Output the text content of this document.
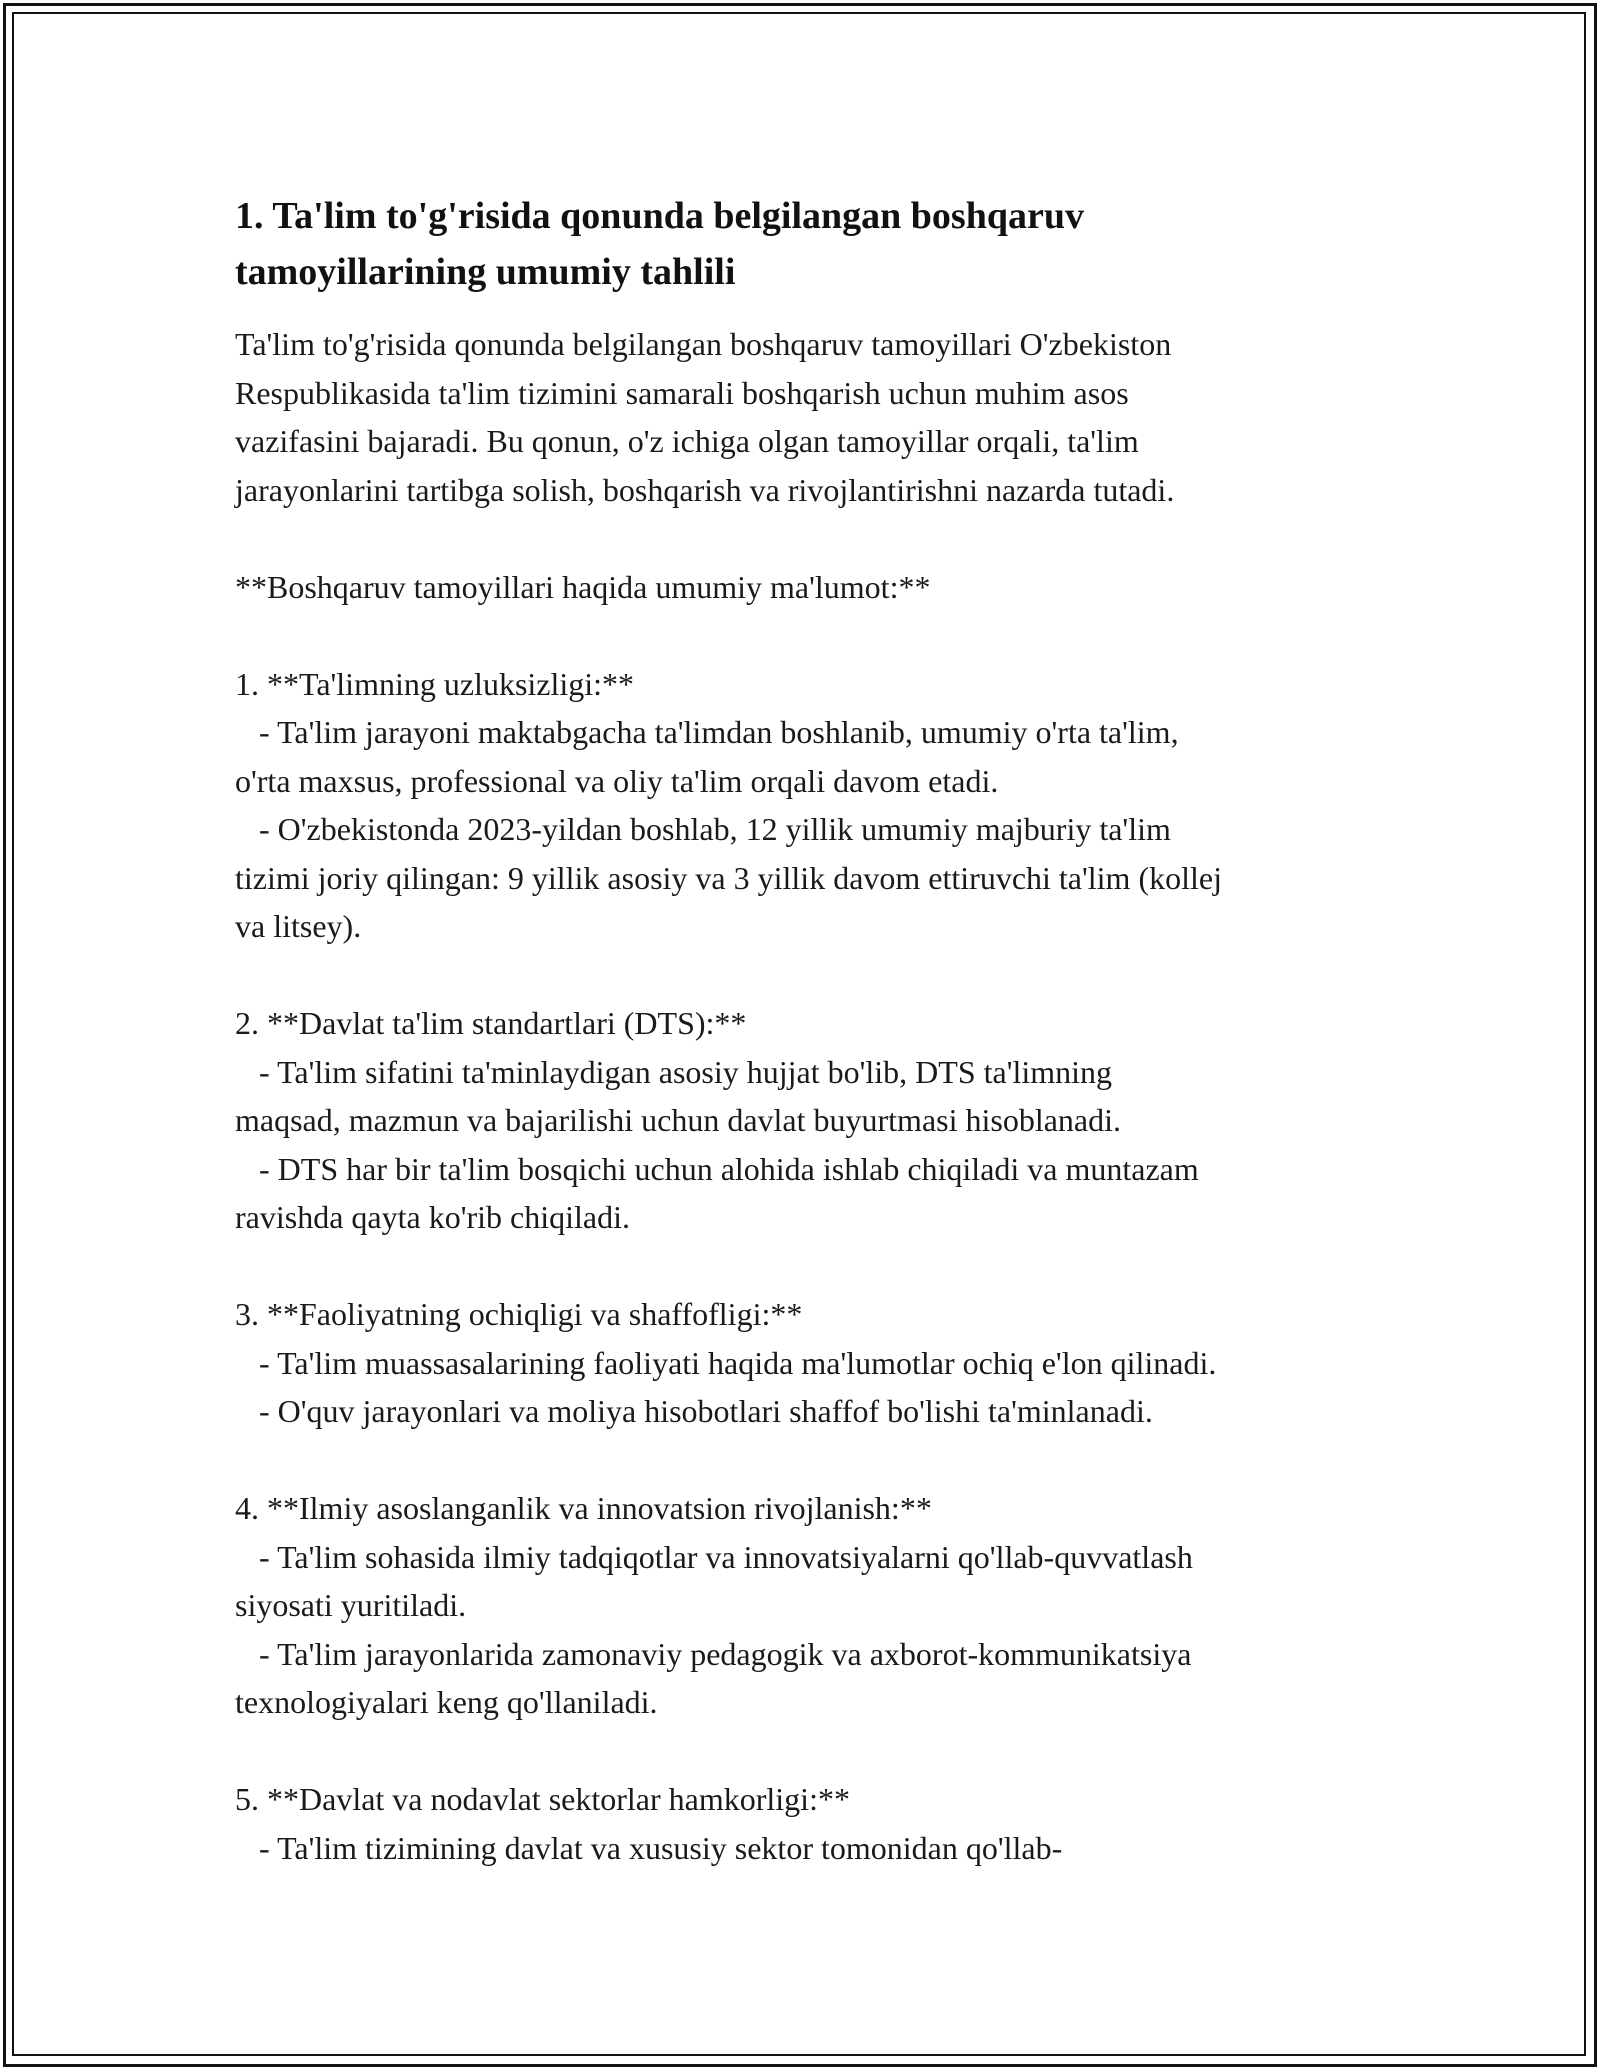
1. Ta'lim to'g'risida qonunda belgilangan boshqaruv
tamoyillarining umumiy tahlili

Ta'lim to'g'risida qonunda belgilangan boshqaruv tamoyillari O'zbekiston
Respublikasida ta'lim tizimini samarali boshqarish uchun muhim asos
vazifasini bajaradi. Bu qonun, o'z ichiga olgan tamoyillar orqali, ta'lim
jarayonlarini tartibga solish, boshqarish va rivojlantirishni nazarda tutadi.

**Boshqaruv tamoyillari haqida umumiy ma'lumot:**

1. **Ta'limning uzluksizligi:**

- Ta'lim jarayoni maktabgacha ta'limdan boshlanib, umumiy o'rta ta'lim,
o'rta maxsus, professional va oliy ta'lim orqali davom etadi.
- O'zbekistonda 2023-yildan boshlab, 12 yillik umumiy majburiy ta'lim
tizimi joriy qilingan: 9 yillik asosiy va 3 yillik davom ettiruvchi ta'lim (kollej
va litsey).

2. **Davlat ta'lim standartlari (DTS):**

- Ta'lim sifatini ta'minlaydigan asosiy hujjat bo'lib, DTS ta'limning
maqsad, mazmun va bajarilishi uchun davlat buyurtmasi hisoblanadi.
- DTS har bir ta'lim bosqichi uchun alohida ishlab chiqiladi va muntazam
ravishda qayta ko'rib chiqiladi.

3. **Faoliyatning ochiqligi va shaffofligi:**

- Ta'lim muassasalarining faoliyati haqida ma'lumotlar ochiq e'lon qilinadi.
- O'quv jarayonlari va moliya hisobotlari shaffof bo'lishi ta'minlanadi.

4. **Ilmiy asoslanganlik va innovatsion rivojlanish:**

- Ta'lim sohasida ilmiy tadqiqotlar va innovatsiyalarni qo'llab-quvvatlash
siyosati yuritiladi.
- Ta'lim jarayonlarida zamonaviy pedagogik va axborot-kommunikatsiya
texnologiyalari keng qo'llaniladi.

5. **Davlat va nodavlat sektorlar hamkorligi:**

- Ta'lim tizimining davlat va xususiy sektor tomonidan qo'llab-
